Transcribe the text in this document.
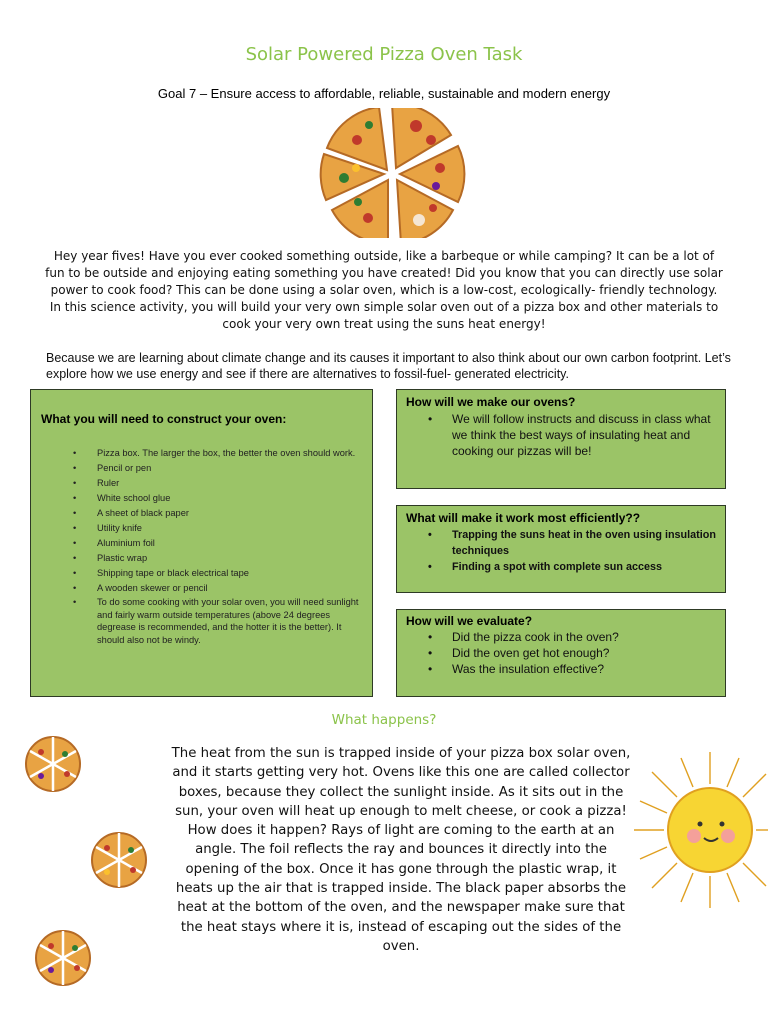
Solar Powered Pizza Oven Task
Goal 7 – Ensure access to affordable, reliable, sustainable and modern energy
Hey year fives! Have you ever cooked something outside, like a barbeque or while camping? It can be a lot of fun to be outside and enjoying eating something you have created! Did you know that you can directly use solar power to cook food? This can be done using a solar oven, which is a low-cost, ecologically- friendly technology. In this science activity, you will build your very own simple solar oven out of a pizza box and other materials to cook your very own treat using the suns heat energy!
Because we are learning about climate change and its causes it important to also think about our own carbon footprint. Let’s explore how we use energy and see if there are alternatives to fossil-fuel- generated electricity.
What you will need to construct your oven:
• Pizza box. The larger the box, the better the oven should work.
• Pencil or pen
• Ruler
• White school glue
• A sheet of black paper
• Utility knife
• Aluminium foil
• Plastic wrap
• Shipping tape or black electrical tape
• A wooden skewer or pencil
• To do some cooking with your solar oven, you will need sunlight and fairly warm outside temperatures (above 24 degrees degrease is recommended, and the hotter it is the better). It should also not be windy.
How will we make our ovens?
• We will follow instructs and discuss in class what we think the best ways of insulating heat and cooking our pizzas will be!
What will make it work most efficiently??
• Trapping the suns heat in the oven using insulation techniques
• Finding a spot with complete sun access
How will we evaluate?
• Did the pizza cook in the oven?
• Did the oven get hot enough?
• Was the insulation effective?
What happens?
The heat from the sun is trapped inside of your pizza box solar oven, and it starts getting very hot. Ovens like this one are called collector boxes, because they collect the sunlight inside. As it sits out in the sun, your oven will heat up enough to melt cheese, or cook a pizza! How does it happen? Rays of light are coming to the earth at an angle. The foil reflects the ray and bounces it directly into the opening of the box. Once it has gone through the plastic wrap, it heats up the air that is trapped inside. The black paper absorbs the heat at the bottom of the oven, and the newspaper make sure that the heat stays where it is, instead of escaping out the sides of the oven.
